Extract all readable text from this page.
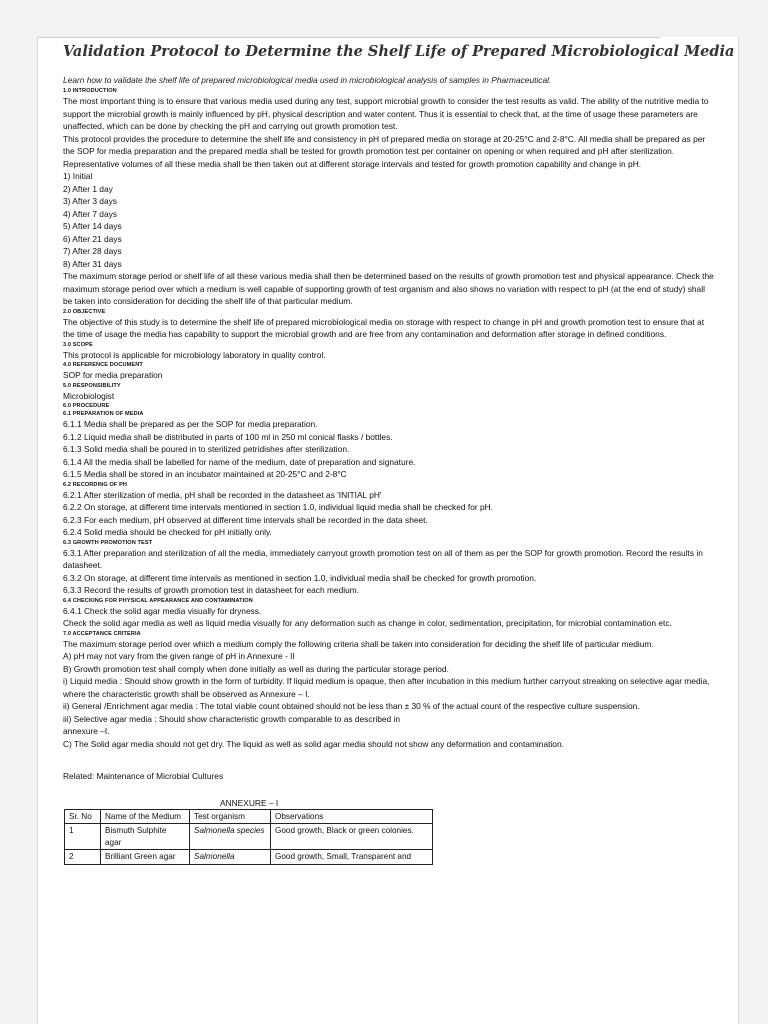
Validation Protocol to Determine the Shelf Life of Prepared Microbiological Media

Learn how to validate the shelf life of prepared microbiological media used in microbiological analysis of samples in Pharmaceutical.

1.0 INTRODUCTION

The most important thing is to ensure that various media used during any test, support microbial growth to consider the test results as valid. The ability of the nutritive media to support the microbial growth is mainly influenced by pH, physical description and water content. Thus it is essential to check that, at the time of usage these parameters are unaffected, which can be done by checking the pH and carrying out growth promotion test.

This protocol provides the procedure to determine the shelf life and consistency in pH of prepared media on storage at 20-25°C and 2-8°C. All media shall be prepared as per the SOP for media preparation and the prepared media shall be tested for growth promotion test per container on opening or when required and pH after sterilization. Representative volumes of all these media shall be then taken out at different storage intervals and tested for growth promotion capability and change in pH.

1) Initial

2) After 1 day

3) After 3 days

4) After 7 days

5) After 14 days

6) After 21 days

7) After 28 days

8) After 31 days

The maximum storage period or shelf life of all these various media shall then be determined based on the results of growth promotion test and physical appearance. Check the maximum storage period over which a medium is well capable of supporting growth of test organism and also shows no variation with respect to pH (at the end of study) shall be taken into consideration for deciding the shelf life of that particular medium.

2.0 OBJECTIVE

The objective of this study is to determine the shelf life of prepared microbiological media on storage with respect to change in pH and growth promotion test to ensure that at the time of usage the media has capability to support the microbial growth and are free from any contamination and deformation after storage in defined conditions.

3.0 SCOPE

This protocol is applicable for microbiology laboratory in quality control.

4.0 REFERENCE DOCUMENT

SOP for media preparation

5.0 RESPONSIBILITY

Microbiologist

6.0 PROCEDURE

6.1 PREPARATION OF MEDIA

6.1.1 Media shall be prepared as per the SOP for media preparation.

6.1.2 Liquid media shall be distributed in parts of 100 ml in 250 ml conical flasks / bottles.

6.1.3 Solid media shall be poured in to sterilized petridishes after sterilization.

6.1.4 All the media shall be labelled for name of the medium, date of preparation and signature.

6.1.5 Media shall be stored in an incubator maintained at 20-25°C and 2-8°C

6.2 RECORDING OF PH

6.2.1 After sterilization of media, pH shall be recorded in the datasheet as 'INITIAL pH'

6.2.2 On storage, at different time intervals mentioned in section 1.0, individual liquid media shall be checked for pH.

6.2.3 For each medium, pH observed at different time intervals shall be recorded in the data sheet.

6.2.4 Solid media should be checked for pH initially only.

6.3 GROWTH PROMOTION TEST

6.3.1 After preparation and sterilization of all the media, immediately carryout growth promotion test on all of them as per the SOP for growth promotion. Record the results in datasheet.

6.3.2 On storage, at different time intervals as mentioned in section 1.0, individual media shall be checked for growth promotion.

6.3.3 Record the results of growth promotion test in datasheet for each medium.

6.4 CHECKING FOR PHYSICAL APPEARANCE AND CONTAMINATION

6.4.1 Check the solid agar media visually for dryness.

Check the solid agar media as well as liquid media visually for any deformation such as change in color, sedimentation, precipitation, for microbial contamination etc.

7.0 ACCEPTANCE CRITERIA

The maximum storage period over which a medium comply the following criteria shall be taken into consideration for deciding the shelf life of particular medium.

A) pH may not vary from the given range of pH in Annexure - II

B) Growth promotion test shall comply when done initially as well as during the particular storage period.

i) Liquid media : Should show growth in the form of turbidity. If liquid medium is opaque, then after incubation in this medium further carryout streaking on selective agar media, where the characteristic growth shall be observed as Annexure – I.

ii) General /Enrichment agar media : The total viable count obtained should not be less than ± 30 % of the actual count of the respective culture suspension.

iii) Selective agar media : Should show characteristic growth comparable to as described in

annexure –I.

C) The Solid agar media should not get dry. The liquid as well as solid agar media should not show any deformation and contamination.

Related: Maintenance of Microbial Cultures

ANNEXURE – I

Sr. No	Name of the Medium	Test organism	Observations
1	Bismuth Sulphite agar	Salmonella species	Good growth, Black or green colonies.
2	Brilliant Green agar	Salmonella	Good growth, Small, Transparent and
